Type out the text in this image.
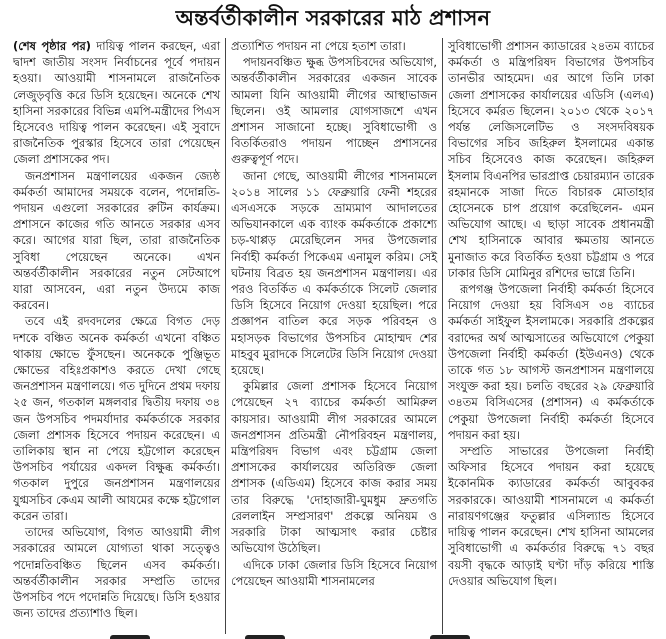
অন্তর্বর্তীকালীন সরকারের মাঠ প্রশাসন

(শেষ পৃষ্ঠার পর) দায়িত্ব পালন করছেন, এরা দ্বাদশ জাতীয় সংসদ নির্বাচনের পূর্বে পদায়ন হওয়া। আওয়ামী শাসনামলে রাজনৈতিক লেজুড়বৃত্তি করে ডিসি হয়েছেন। অনেকে শেখ হাসিনা সরকারের বিভিন্ন এমপি-মন্ত্রীদের পিএস হিসেবেও দায়িত্ব পালন করেছেন। এই সুবাদে রাজনৈতিক পুরস্কার হিসেবে তারা পেয়েছেন জেলা প্রশাসকের পদ।

জনপ্রশাসন মন্ত্রণালয়ের একজন জ্যেষ্ঠ কর্মকর্তা আমাদের সময়কে বলেন, পদোন্নতি-পদায়ন এগুলো সরকারের রুটিন কার্যক্রম। প্রশাসনে কাজের গতি আনতে সরকার এসব করে। আগের যারা ছিল, তারা রাজনৈতিক সুবিধা পেয়েছেন অনেকে। এখন অন্তর্বর্তীকালীন সরকারের নতুন সেটআপে যারা আসবেন, এরা নতুন উদ্যমে কাজ করবেন।

তবে এই রদবদলের ক্ষেত্রে বিগত দেড় দশকে বঞ্চিত অনেক কর্মকর্তা এখনো বঞ্চিত থাকায় ক্ষোভে ফুঁসছেন। অনেককে পুঞ্জিভূত ক্ষোভের বহিঃপ্রকাশও করতে দেখা গেছে জনপ্রশাসন মন্ত্রণালয়ে। গত দুদিনে প্রথম দফায় ২৫ জন, গতকাল মঙ্গলবার দ্বিতীয় দফায় ৩৪ জন উপসচিব পদমর্যাদার কর্মকর্তাকে সরকার জেলা প্রশাসক হিসেবে পদায়ন করেছেন। এ তালিকায় স্থান না পেয়ে হট্টগোল করেছেন উপসচিব পর্যায়ের একদল বিক্ষুব্ধ কর্মকর্তা। গতকাল দুপুরে জনপ্রশাসন মন্ত্রণালয়ের যুগ্মসচিব কেএম আলী আযমের কক্ষে হট্টগোল করেন তারা।

তাদের অভিযোগ, বিগত আওয়ামী লীগ সরকারের আমলে যোগ্যতা থাকা সত্ত্বেও পদোন্নতিবঞ্চিত ছিলেন এসব কর্মকর্তা। অন্তর্বর্তীকালীন সরকার সম্প্রতি তাদের উপসচিব পদে পদোন্নতি দিয়েছে। ডিসি হওয়ার জন্য তাদের প্রত্যাশাও ছিল।

প্রত্যাশিত পদায়ন না পেয়ে হতাশ তারা।

পদায়নবঞ্চিত ক্ষুব্ধ উপসচিবদের অভিযোগ, অন্তর্বর্তীকালীন সরকারের একজন সাবেক আমলা যিনি আওয়ামী লীগের আস্থাভাজন ছিলেন। ওই আমলার যোগসাজশে এখন প্রশাসন সাজানো হচ্ছে। সুবিধাভোগী ও বিতর্কিতরাও পদায়ন পাচ্ছেন প্রশাসনের গুরুত্বপূর্ণ পদে।

জানা গেছে, আওয়ামী লীগের শাসনামলে ২০১৪ সালের ১১ ফেব্রুয়ারি ফেনী শহরের এসএসকে সড়কে ভ্রাম্যমাণ আদালতের অভিযানকালে এক ব্যাংক কর্মকর্তাকে প্রকাশ্যে চড়-থাপ্পড় মেরেছিলেন সদর উপজেলার নির্বাহী কর্মকর্তা পিকেএম এনামুল করিম। সেই ঘটনায় বিব্রত হয় জনপ্রশাসন মন্ত্রণালয়। এর পরও বিতর্কিত এ কর্মকর্তাকে সিলেট জেলার ডিসি হিসেবে নিয়োগ দেওয়া হয়েছিল। পরে প্রজ্ঞাপন বাতিল করে সড়ক পরিবহন ও মহাসড়ক বিভাগের উপসচিব মোহাম্মদ শের মাহবুব মুরাদকে সিলেটের ডিসি নিয়োগ দেওয়া হয়েছে।

কুমিল্লার জেলা প্রশাসক হিসেবে নিয়োগ পেয়েছেন ২৭ ব্যাচের কর্মকর্তা আমিরুল কায়সার। আওয়ামী লীগ সরকারের আমলে জনপ্রশাসন প্রতিমন্ত্রী নৌপরিবহন মন্ত্রণালয়, মন্ত্রিপরিষদ বিভাগ এবং চট্টগ্রাম জেলা প্রশাসকের কার্যালয়ের অতিরিক্ত জেলা প্রশাসক (এডিএম) হিসেবে কাজ করার সময় তার বিরুদ্ধে 'দোহাজারী-ঘুমধুম দ্রুতগতি রেললাইন সম্প্রসারণ' প্রকল্পে অনিয়ম ও সরকারি টাকা আত্মসাৎ করার চেষ্টার অভিযোগ উঠেছিল।

এদিকে ঢাকা জেলার ডিসি হিসেবে নিয়োগ পেয়েছেন আওয়ামী শাসনামলের

সুবিধাভোগী প্রশাসন ক্যাডারের ২৪তম ব্যাচের কর্মকর্তা ও মন্ত্রিপরিষদ বিভাগের উপসচিব তানভীর আহমেদ। এর আগে তিনি ঢাকা জেলা প্রশাসকের কার্যালয়ের এডিসি (এলএ) হিসেবে কর্মরত ছিলেন। ২০১৩ থেকে ২০১৭ পর্যন্ত লেজিসলেটিভ ও সংসদবিষয়ক বিভাগের সচিব জহিরুল ইসলামের একান্ত সচিব হিসেবেও কাজ করেছেন। জহিরুল ইসলাম বিএনপির ভারপ্রাপ্ত চেয়ারম্যান তারেক রহমানকে সাজা দিতে বিচারক মোতাহার হোসেনকে চাপ প্রয়োগ করেছিলেন- এমন অভিযোগ আছে। এ ছাড়া সাবেক প্রধানমন্ত্রী শেখ হাসিনাকে আবার ক্ষমতায় আনতে মুনাজাত করে বিতর্কিত হওয়া চট্টগ্রাম ও পরে ঢাকার ডিসি মোমিনুর রশিদের ভাগ্নে তিনি।

রূপগঞ্জ উপজেলা নির্বাহী কর্মকর্তা হিসেবে নিয়োগ দেওয়া হয় বিসিএস ৩৪ ব্যাচের কর্মকর্তা সাইফুল ইসলামকে। সরকারি প্রকল্পের বরাদ্দের অর্থ আত্মসাতের অভিযোগে পেকুয়া উপজেলা নির্বাহী কর্মকর্তা (ইউএনও) থেকে তাকে গত ১৮ আগস্ট জনপ্রশাসন মন্ত্রণালয়ে সংযুক্ত করা হয়। চলতি বছরের ২৯ ফেব্রুয়ারি ৩৪তম বিসিএসের (প্রশাসন) এ কর্মকর্তাকে পেকুয়া উপজেলা নির্বাহী কর্মকর্তা হিসেবে পদায়ন করা হয়।

সম্প্রতি সাভারের উপজেলা নির্বাহী অফিসার হিসেবে পদায়ন করা হয়েছে ইকোনমিক ক্যাডারের কর্মকর্তা আবুবকর সরকারকে। আওয়ামী শাসনামলে এ কর্মকর্তা নারায়ণগঞ্জের ফতুল্লার এসিল্যান্ড হিসেবে দায়িত্ব পালন করেছেন। শেখ হাসিনা আমলের সুবিধাভোগী এ কর্মকর্তার বিরুদ্ধে ৭১ বছর বয়সী বৃদ্ধকে আড়াই ঘণ্টা দাঁড় করিয়ে শাস্তি দেওয়ার অভিযোগ ছিল।
